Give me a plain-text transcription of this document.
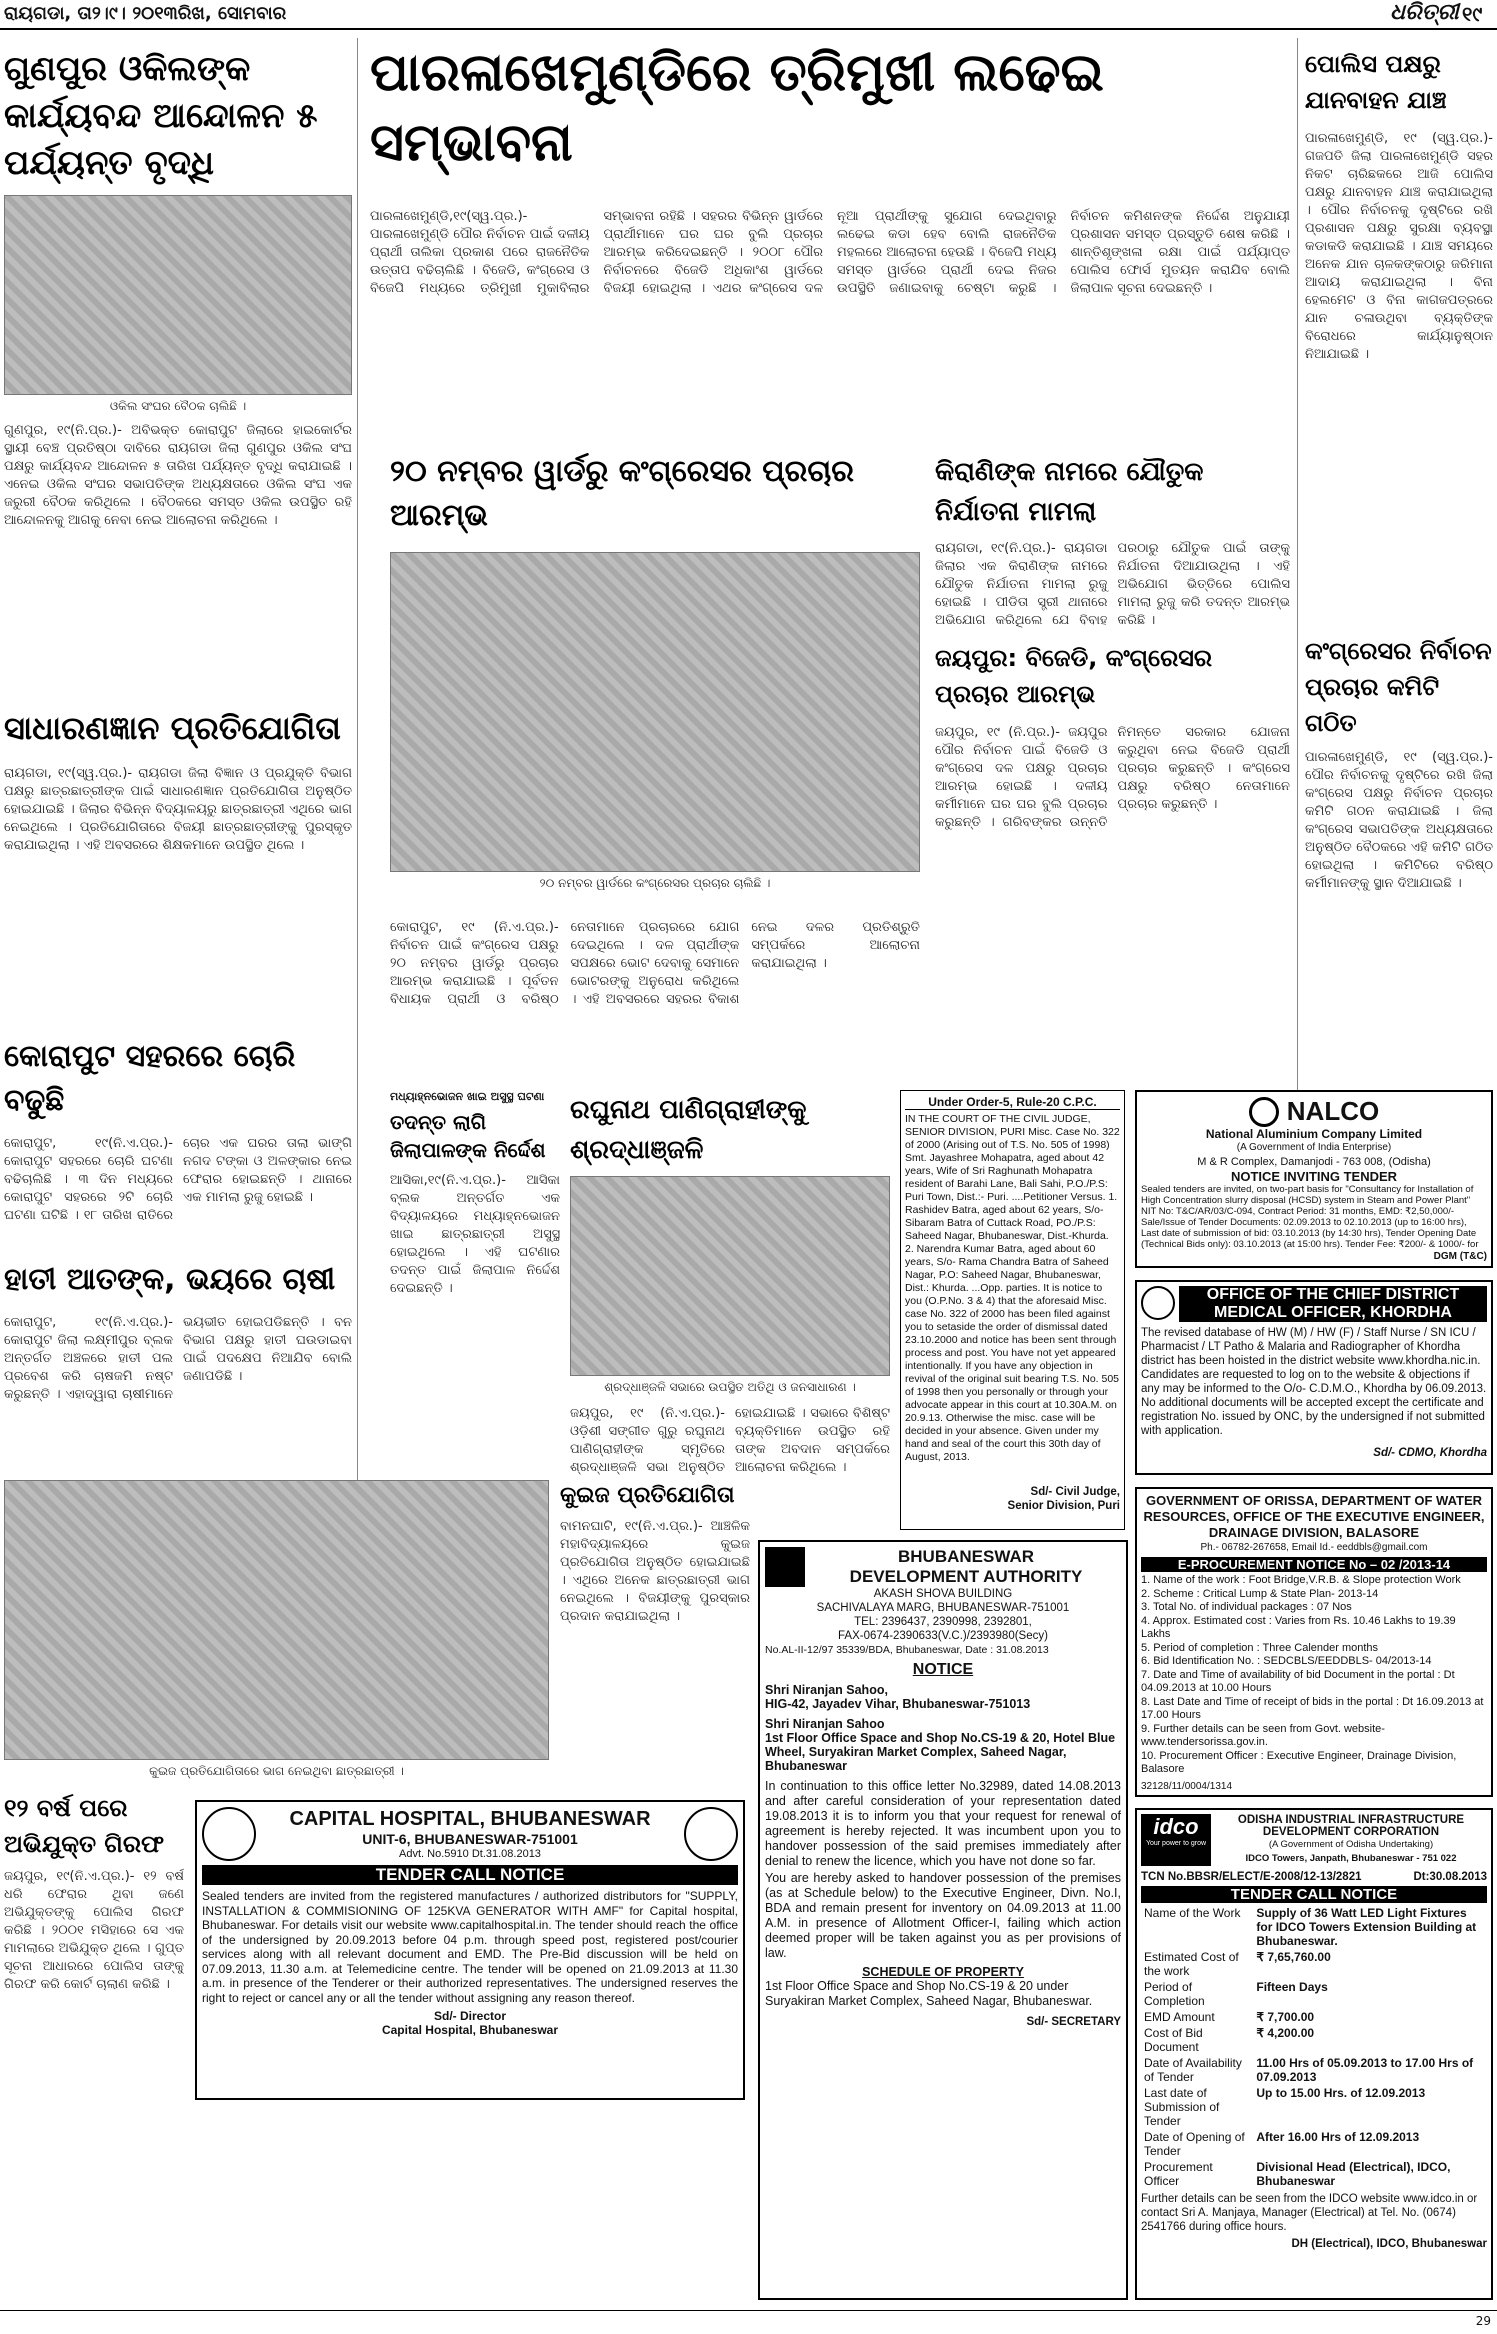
ରାୟଗଡା, ତା୨।୯। ୨୦୧୩ରିଖ, ସୋମବାର	ଧରିତ୍ରୀ ୧୯
ଗୁଣପୁର ଓକିଲଙ୍କ କାର୍ଯ୍ୟବନ୍ଦ ଆନ୍ଦୋଳନ ୫ ପର୍ଯ୍ୟନ୍ତ ବୃଦ୍ଧି
ଓକିଲ ସଂଘର ବୈଠକ ଚାଲିଛି ।
ଗୁଣପୁର, ୧୯(ନି.ପ୍ର.)- ଅବିଭକ୍ତ କୋରାପୁଟ ଜିଲାରେ ହାଇକୋର୍ଟର ସ୍ଥାୟୀ ବେଞ୍ଚ ପ୍ରତିଷ୍ଠା ଦାବିରେ ରାୟଗଡା ଜିଲା ଗୁଣପୁର ଓକିଲ ସଂଘ ପକ୍ଷରୁ କାର୍ଯ୍ୟବନ୍ଦ ଆନ୍ଦୋଳନ ୫ ତାରିଖ ପର୍ଯ୍ୟନ୍ତ ବୃଦ୍ଧି କରାଯାଇଛି । ଏନେଇ ଓକିଲ ସଂଘର ସଭାପତିଙ୍କ ଅଧ୍ୟକ୍ଷତାରେ ଓକିଲ ସଂଘ ଏକ ଜରୁରୀ ବୈଠକ କରିଥିଲେ । ବୈଠକରେ ସମସ୍ତ ଓକିଲ ଉପସ୍ଥିତ ରହି ଆନ୍ଦୋଳନକୁ ଆଗକୁ ନେବା ନେଇ ଆଲୋଚନା କରିଥିଲେ ।
ପାରଳାଖେମୁଣ୍ଡିରେ ତ୍ରିମୁଖୀ ଲଢେଇ ସମ୍ଭାବନା
ପାରଳାଖେମୁଣ୍ଡି,୧୯(ସ୍ୱ.ପ୍ର.)- ପାରଳାଖେମୁଣ୍ଡି ପୌର ନିର୍ବାଚନ ପାଇଁ ଦଳୀୟ ପ୍ରାର୍ଥୀ ତାଲିକା ପ୍ରକାଶ ପରେ ରାଜନୈତିକ ଉତ୍ତାପ ବଢିଚାଲିଛି । ବିଜେଡି, କଂଗ୍ରେସ ଓ ବିଜେପି ମଧ୍ୟରେ ତ୍ରିମୁଖୀ ମୁକାବିଲାର ସମ୍ଭାବନା ରହିଛି । ସହରର ବିଭିନ୍ନ ୱାର୍ଡରେ ପ୍ରାର୍ଥୀମାନେ ଘର ଘର ବୁଲି ପ୍ରଚାର ଆରମ୍ଭ କରିଦେଇଛନ୍ତି । ୨୦୦୮ ପୌର ନିର୍ବାଚନରେ ବିଜେଡି ଅଧିକାଂଶ ୱାର୍ଡରେ ବିଜୟୀ ହୋଇଥିଲା । ଏଥର କଂଗ୍ରେସ ଦଳ ନୂଆ ପ୍ରାର୍ଥୀଙ୍କୁ ସୁଯୋଗ ଦେଇଥିବାରୁ ଲଢେଇ କଡା ହେବ ବୋଲି ରାଜନୈତିକ ମହଲରେ ଆଲୋଚନା ହେଉଛି । ବିଜେପି ମଧ୍ୟ ସମସ୍ତ ୱାର୍ଡରେ ପ୍ରାର୍ଥୀ ଦେଇ ନିଜର ଉପସ୍ଥିତି ଜଣାଇବାକୁ ଚେଷ୍ଟା କରୁଛି । ନିର୍ବାଚନ କମିଶନଙ୍କ ନିର୍ଦ୍ଦେଶ ଅନୁଯାୟୀ ପ୍ରଶାସନ ସମସ୍ତ ପ୍ରସ୍ତୁତି ଶେଷ କରିଛି । ଶାନ୍ତିଶୃଙ୍ଖଳା ରକ୍ଷା ପାଇଁ ପର୍ଯ୍ୟାପ୍ତ ପୋଲିସ ଫୋର୍ସ ମୁତୟନ କରାଯିବ ବୋଲି ଜିଲାପାଳ ସୂଚନା ଦେଇଛନ୍ତି ।
ପୋଲିସ ପକ୍ଷରୁ ଯାନବାହନ ଯାଞ୍ଚ
ପାରଳାଖେମୁଣ୍ଡି, ୧୯ (ସ୍ୱ.ପ୍ର.)- ଗଜପତି ଜିଲା ପାରଳାଖେମୁଣ୍ଡି ସହର ନିକଟ ଚାରିଛକରେ ଆଜି ପୋଲିସ ପକ୍ଷରୁ ଯାନବାହନ ଯାଞ୍ଚ କରାଯାଇଥିଲା । ପୌର ନିର୍ବାଚନକୁ ଦୃଷ୍ଟିରେ ରଖି ପ୍ରଶାସନ ପକ୍ଷରୁ ସୁରକ୍ଷା ବ୍ୟବସ୍ଥା କଡାକଡି କରାଯାଇଛି । ଯାଞ୍ଚ ସମୟରେ ଅନେକ ଯାନ ଚାଳକଙ୍କଠାରୁ ଜରିମାନା ଆଦାୟ କରାଯାଇଥିଲା । ବିନା ହେଲମେଟ ଓ ବିନା କାଗଜପତ୍ରରେ ଯାନ ଚଳାଉଥିବା ବ୍ୟକ୍ତିଙ୍କ ବିରୋଧରେ କାର୍ଯ୍ୟାନୁଷ୍ଠାନ ନିଆଯାଇଛି ।
କଂଗ୍ରେସର ନିର୍ବାଚନ ପ୍ରଚାର କମିଟି ଗଠିତ
ପାରଳାଖେମୁଣ୍ଡି, ୧୯ (ସ୍ୱ.ପ୍ର.)- ପୌର ନିର୍ବାଚନକୁ ଦୃଷ୍ଟିରେ ରଖି ଜିଲା କଂଗ୍ରେସ ପକ୍ଷରୁ ନିର୍ବାଚନ ପ୍ରଚାର କମିଟି ଗଠନ କରାଯାଇଛି । ଜିଲା କଂଗ୍ରେସ ସଭାପତିଙ୍କ ଅଧ୍ୟକ୍ଷତାରେ ଅନୁଷ୍ଠିତ ବୈଠକରେ ଏହି କମିଟି ଗଠିତ ହୋଇଥିଲା । କମିଟିରେ ବରିଷ୍ଠ କର୍ମୀମାନଙ୍କୁ ସ୍ଥାନ ଦିଆଯାଇଛି ।
୨୦ ନମ୍ବର ୱାର୍ଡରୁ କଂଗ୍ରେସର ପ୍ରଚାର ଆରମ୍ଭ
୨୦ ନମ୍ବର ୱାର୍ଡରେ କଂଗ୍ରେସର ପ୍ରଚାର ଚାଲିଛି ।
କୋରାପୁଟ, ୧୯ (ନି.ଏ.ପ୍ର.)- ନିର୍ବାଚନ ପାଇଁ କଂଗ୍ରେସ ପକ୍ଷରୁ ୨୦ ନମ୍ବର ୱାର୍ଡରୁ ପ୍ରଚାର ଆରମ୍ଭ କରାଯାଇଛି । ପୂର୍ବତନ ବିଧାୟକ ପ୍ରାର୍ଥୀ ଓ ବରିଷ୍ଠ ନେତାମାନେ ପ୍ରଚାରରେ ଯୋଗ ଦେଇଥିଲେ । ଦଳ ପ୍ରାର୍ଥୀଙ୍କ ସପକ୍ଷରେ ଭୋଟ ଦେବାକୁ ସେମାନେ ଭୋଟରଙ୍କୁ ଅନୁରୋଧ କରିଥିଲେ । ଏହି ଅବସରରେ ସହରର ବିକାଶ ନେଇ ଦଳର ପ୍ରତିଶ୍ରୁତି ସମ୍ପର୍କରେ ଆଲୋଚନା କରାଯାଇଥିଲା ।
କିରାଣିଙ୍କ ନାମରେ ଯୌତୁକ ନିର୍ଯାତନା ମାମଲା
ରାୟଗଡା, ୧୯(ନି.ପ୍ର.)- ରାୟଗଡା ଜିଲାର ଏକ କିରାଣିଙ୍କ ନାମରେ ଯୌତୁକ ନିର୍ଯାତନା ମାମଲା ରୁଜୁ ହୋଇଛି । ପୀଡିତା ସ୍ତ୍ରୀ ଥାନାରେ ଅଭିଯୋଗ କରିଥିଲେ ଯେ ବିବାହ ପରଠାରୁ ଯୌତୁକ ପାଇଁ ତାଙ୍କୁ ନିର୍ଯାତନା ଦିଆଯାଉଥିଲା । ଏହି ଅଭିଯୋଗ ଭିତ୍ତିରେ ପୋଲିସ ମାମଲା ରୁଜୁ କରି ତଦନ୍ତ ଆରମ୍ଭ କରିଛି ।
ଜୟପୁର: ବିଜେଡି, କଂଗ୍ରେସର ପ୍ରଚାର ଆରମ୍ଭ
ଜୟପୁର, ୧୯ (ନି.ପ୍ର.)- ଜୟପୁର ପୌର ନିର୍ବାଚନ ପାଇଁ ବିଜେଡି ଓ କଂଗ୍ରେସ ଦଳ ପକ୍ଷରୁ ପ୍ରଚାର ଆରମ୍ଭ ହୋଇଛି । ଦଳୀୟ କର୍ମୀମାନେ ଘର ଘର ବୁଲି ପ୍ରଚାର କରୁଛନ୍ତି । ଗରିବଙ୍କର ଉନ୍ନତି ନିମନ୍ତେ ସରକାର ଯୋଜନା କରୁଥିବା ନେଇ ବିଜେଡି ପ୍ରାର୍ଥୀ ପ୍ରଚାର କରୁଛନ୍ତି । କଂଗ୍ରେସ ପକ୍ଷରୁ ବରିଷ୍ଠ ନେତାମାନେ ପ୍ରଚାର କରୁଛନ୍ତି ।
ସାଧାରଣଜ୍ଞାନ ପ୍ରତିଯୋଗିତା
ରାୟଗଡା, ୧୯(ସ୍ୱ.ପ୍ର.)- ରାୟଗଡା ଜିଲା ବିଜ୍ଞାନ ଓ ପ୍ରଯୁକ୍ତି ବିଭାଗ ପକ୍ଷରୁ ଛାତ୍ରଛାତ୍ରୀଙ୍କ ପାଇଁ ସାଧାରଣଜ୍ଞାନ ପ୍ରତିଯୋଗିତା ଅନୁଷ୍ଠିତ ହୋଇଯାଇଛି । ଜିଲାର ବିଭିନ୍ନ ବିଦ୍ୟାଳୟରୁ ଛାତ୍ରଛାତ୍ରୀ ଏଥିରେ ଭାଗ ନେଇଥିଲେ । ପ୍ରତିଯୋଗିତାରେ ବିଜୟୀ ଛାତ୍ରଛାତ୍ରୀଙ୍କୁ ପୁରସ୍କୃତ କରାଯାଇଥିଲା । ଏହି ଅବସରରେ ଶିକ୍ଷକମାନେ ଉପସ୍ଥିତ ଥିଲେ ।
କୋରାପୁଟ ସହରରେ ଚୋରି ବଢୁଛି
କୋରାପୁଟ, ୧୯(ନି.ଏ.ପ୍ର.)- କୋରାପୁଟ ସହରରେ ଚୋରି ଘଟଣା ବଢିଚାଲିଛି । ୩ ଦିନ ମଧ୍ୟରେ କୋରାପୁଟ ସହରରେ ୨ଟି ଚୋରି ଘଟଣା ଘଟିଛି । ୧୮ ତାରିଖ ରାତିରେ ଚୋର ଏକ ଘରର ତାଲା ଭାଙ୍ଗି ନଗଦ ଟଙ୍କା ଓ ଅଳଙ୍କାର ନେଇ ଫେରାର ହୋଇଛନ୍ତି । ଥାନାରେ ଏକ ମାମଲା ରୁଜୁ ହୋଇଛି ।
ହାତୀ ଆତଙ୍କ, ଭୟରେ ଚାଷୀ
କୋରାପୁଟ, ୧୯(ନି.ଏ.ପ୍ର.)- କୋରାପୁଟ ଜିଲା ଲକ୍ଷ୍ମୀପୁର ବ୍ଲକ ଅନ୍ତର୍ଗତ ଅଞ୍ଚଳରେ ହାତୀ ପଲ ପ୍ରବେଶ କରି ଚାଷଜମି ନଷ୍ଟ କରୁଛନ୍ତି । ଏହାଦ୍ୱାରା ଚାଷୀମାନେ ଭୟଭୀତ ହୋଇପଡିଛନ୍ତି । ବନ ବିଭାଗ ପକ୍ଷରୁ ହାତୀ ଘଉଡାଇବା ପାଇଁ ପଦକ୍ଷେପ ନିଆଯିବ ବୋଲି ଜଣାପଡିଛି ।
ମଧ୍ୟାହ୍ନଭୋଜନ ଖାଇ ଅସୁସ୍ଥ ଘଟଣା
ତଦନ୍ତ ଲାଗି ଜିଲାପାଳଙ୍କ ନିର୍ଦ୍ଦେଶ
ଆସିକା,୧୯(ନି.ଏ.ପ୍ର.)- ଆସିକା ବ୍ଲକ ଅନ୍ତର୍ଗତ ଏକ ବିଦ୍ୟାଳୟରେ ମଧ୍ୟାହ୍ନଭୋଜନ ଖାଇ ଛାତ୍ରଛାତ୍ରୀ ଅସୁସ୍ଥ ହୋଇଥିଲେ । ଏହି ଘଟଣାର ତଦନ୍ତ ପାଇଁ ଜିଲାପାଳ ନିର୍ଦ୍ଦେଶ ଦେଇଛନ୍ତି ।
ରଘୁନାଥ ପାଣିଗ୍ରାହୀଙ୍କୁ ଶ୍ରଦ୍ଧାଞ୍ଜଳି
ଶ୍ରଦ୍ଧାଞ୍ଜଳି ସଭାରେ ଉପସ୍ଥିତ ଅତିଥି ଓ ଜନସାଧାରଣ ।
ଜୟପୁର, ୧୯ (ନି.ଏ.ପ୍ର.)- ଓଡ଼ିଶୀ ସଙ୍ଗୀତ ଗୁରୁ ରଘୁନାଥ ପାଣିଗ୍ରାହୀଙ୍କ ସ୍ମୃତିରେ ଶ୍ରଦ୍ଧାଞ୍ଜଳି ସଭା ଅନୁଷ୍ଠିତ ହୋଇଯାଇଛି । ସଭାରେ ବିଶିଷ୍ଟ ବ୍ୟକ୍ତିମାନେ ଉପସ୍ଥିତ ରହି ତାଙ୍କ ଅବଦାନ ସମ୍ପର୍କରେ ଆଲୋଚନା କରିଥିଲେ ।
କୁଇଜ ପ୍ରତିଯୋଗିତାରେ ଭାଗ ନେଇଥିବା ଛାତ୍ରଛାତ୍ରୀ ।
କୁଇଜ ପ୍ରତିଯୋଗିତା
ବାମନଘାଟି, ୧୯(ନି.ଏ.ପ୍ର.)- ଆଞ୍ଚଳିକ ମହାବିଦ୍ୟାଳୟରେ କୁଇଜ ପ୍ରତିଯୋଗିତା ଅନୁଷ୍ଠିତ ହୋଇଯାଇଛି । ଏଥିରେ ଅନେକ ଛାତ୍ରଛାତ୍ରୀ ଭାଗ ନେଇଥିଲେ । ବିଜୟୀଙ୍କୁ ପୁରସ୍କାର ପ୍ରଦାନ କରାଯାଇଥିଲା ।
୧୨ ବର୍ଷ ପରେ ଅଭିଯୁକ୍ତ ଗିରଫ
ଜୟପୁର, ୧୯(ନି.ଏ.ପ୍ର.)- ୧୨ ବର୍ଷ ଧରି ଫେରାର ଥିବା ଜଣେ ଅଭିଯୁକ୍ତଙ୍କୁ ପୋଲିସ ଗିରଫ କରିଛି । ୨୦୦୧ ମସିହାରେ ସେ ଏକ ମାମଲାରେ ଅଭିଯୁକ୍ତ ଥିଲେ । ଗୁପ୍ତ ସୂଚନା ଆଧାରରେ ପୋଲିସ ତାଙ୍କୁ ଗିରଫ କରି କୋର୍ଟ ଚାଲାଣ କରିଛି ।
Under Order-5, Rule-20 C.P.C.
IN THE COURT OF THE CIVIL JUDGE, SENIOR DIVISION, PURI Misc. Case No. 322 of 2000 (Arising out of T.S. No. 505 of 1998) Smt. Jayashree Mohapatra, aged about 42 years, Wife of Sri Raghunath Mohapatra resident of Barahi Lane, Bali Sahi, P.O./P.S: Puri Town, Dist.:- Puri. ....Petitioner Versus. 1. Rashidev Batra, aged about 62 years, S/o- Sibaram Batra of Cuttack Road, PO./P.S: Saheed Nagar, Bhubaneswar, Dist.-Khurda. 2. Narendra Kumar Batra, aged about 60 years, S/o- Rama Chandra Batra of Saheed Nagar, P.O: Saheed Nagar, Bhubaneswar, Dist.: Khurda. ...Opp. parties. It is notice to you (O.P.No. 3 & 4) that the aforesaid Misc. case No. 322 of 2000 has been filed against you to setaside the order of dismissal dated 23.10.2000 and notice has been sent through process and post. You have not yet appeared intentionally. If you have any objection in revival of the original suit bearing T.S. No. 505 of 1998 then you personally or through your advocate appear in this court at 10.30A.M. on 20.9.13. Otherwise the misc. case will be decided in your absence. Given under my hand and seal of the court this 30th day of August, 2013.
Sd/- Civil Judge,
Senior Division, Puri
NALCO
National Aluminium Company Limited
(A Government of India Enterprise)
M & R Complex, Damanjodi - 763 008, (Odisha)
NOTICE INVITING TENDER
Sealed tenders are invited, on two-part basis for "Consultancy for Installation of High Concentration slurry disposal (HCSD) system in Steam and Power Plant" NIT No: T&C/AR/03/C-094, Contract Period: 31 months, EMD: ₹2,50,000/- Sale/Issue of Tender Documents: 02.09.2013 to 02.10.2013 (up to 16:00 hrs), Last date of submission of bid: 03.10.2013 (by 14:30 hrs), Tender Opening Date (Technical Bids only): 03.10.2013 (at 15:00 hrs). Tender Fee: ₹200/- & 1000/- for
DGM (T&C)
OFFICE OF THE CHIEF DISTRICT
MEDICAL OFFICER, KHORDHA
The revised database of HW (M) / HW (F) / Staff Nurse / SN ICU / Pharmacist / LT Patho & Malaria and Radiographer of Khordha district has been hoisted in the district website www.khordha.nic.in. Candidates are requested to log on to the website & objections if any may be informed to the O/o- C.D.M.O., Khordha by 06.09.2013. No additional documents will be accepted except the certificate and registration No. issued by ONC, by the undersigned if not submitted with application.
Sd/- CDMO, Khordha
GOVERNMENT OF ORISSA, DEPARTMENT OF WATER RESOURCES, OFFICE OF THE EXECUTIVE ENGINEER, DRAINAGE DIVISION, BALASORE
Ph.- 06782-267658, Email Id.- eeddbls@gmail.com
E-PROCUREMENT NOTICE No – 02 /2013-14
1. Name of the work : Foot Bridge,V.R.B. & Slope protection Work
2. Scheme : Critical Lump & State Plan- 2013-14
3. Total No. of individual packages : 07 Nos
4. Approx. Estimated cost : Varies from Rs. 10.46 Lakhs to 19.39 Lakhs
5. Period of completion : Three Calender months
6. Bid Identification No. : SEDCBLS/EEDDBLS- 04/2013-14
7. Date and Time of availability of bid Document in the portal : Dt 04.09.2013 at 10.00 Hours
8. Last Date and Time of receipt of bids in the portal : Dt 16.09.2013 at 17.00 Hours
9. Further details can be seen from Govt. website- www.tendersorissa.gov.in.
10. Procurement Officer : Executive Engineer, Drainage Division, Balasore
32128/11/0004/1314
BHUBANESWAR
DEVELOPMENT AUTHORITY
AKASH SHOVA BUILDING
SACHIVALAYA MARG, BHUBANESWAR-751001
TEL: 2396437, 2390998, 2392801,
FAX-0674-2390633(V.C.)/2393980(Secy)
No.AL-II-12/97 35339/BDA, Bhubaneswar, Date : 31.08.2013
NOTICE
Shri Niranjan Sahoo,
HIG-42, Jayadev Vihar, Bhubaneswar-751013
Shri Niranjan Sahoo
1st Floor Office Space and Shop No.CS-19 & 20, Hotel Blue Wheel, Suryakiran Market Complex, Saheed Nagar, Bhubaneswar
In continuation to this office letter No.32989, dated 14.08.2013 and after careful consideration of your representation dated 19.08.2013 it is to inform you that your request for renewal of agreement is hereby rejected. It was incumbent upon you to handover possession of the said premises immediately after denial to renew the licence, which you have not done so far.
You are hereby asked to handover possession of the premises (as at Schedule below) to the Executive Engineer, Divn. No.I, BDA and remain present for inventory on 04.09.2013 at 11.00 A.M. in presence of Allotment Officer-I, failing which action deemed proper will be taken against you as per provisions of law.
SCHEDULE OF PROPERTY
1st Floor Office Space and Shop No.CS-19 & 20 under Suryakiran Market Complex, Saheed Nagar, Bhubaneswar.
Sd/- SECRETARY
idco
Your power to grow
ODISHA INDUSTRIAL INFRASTRUCTURE
DEVELOPMENT CORPORATION
(A Government of Odisha Undertaking)
IDCO Towers, Janpath, Bhubaneswar - 751 022
TCN No.BBSR/ELECT/E-2008/12-13/2821	Dt:30.08.2013
TENDER CALL NOTICE
Name of the Work	Supply of 36 Watt LED Light Fixtures for IDCO Towers Extension Building at Bhubaneswar.
Estimated Cost of the work	₹ 7,65,760.00
Period of Completion	Fifteen Days
EMD Amount	₹ 7,700.00
Cost of Bid Document	₹ 4,200.00
Date of Availability of Tender	11.00 Hrs of 05.09.2013 to 17.00 Hrs of 07.09.2013
Last date of Submission of Tender	Up to 15.00 Hrs. of 12.09.2013
Date of Opening of Tender	After 16.00 Hrs of 12.09.2013
Procurement Officer	Divisional Head (Electrical), IDCO, Bhubaneswar
Further details can be seen from the IDCO website www.idco.in or contact Sri A. Manjaya, Manager (Electrical) at Tel. No. (0674) 2541766 during office hours.
DH (Electrical), IDCO, Bhubaneswar
CAPITAL HOSPITAL, BHUBANESWAR
UNIT-6, BHUBANESWAR-751001
Advt. No.5910 Dt.31.08.2013
TENDER CALL NOTICE
Sealed tenders are invited from the registered manufactures / authorized distributors for "SUPPLY, INSTALLATION & COMMISIONING OF 125KVA GENERATOR WITH AMF" for Capital hospital, Bhubaneswar. For details visit our website www.capitalhospital.in. The tender should reach the office of the undersigned by 20.09.2013 before 04 p.m. through speed post, registered post/courier services along with all relevant document and EMD. The Pre-Bid discussion will be held on 07.09.2013, 11.30 a.m. at Telemedicine centre. The tender will be opened on 21.09.2013 at 11.30 a.m. in presence of the Tenderer or their authorized representatives. The undersigned reserves the right to reject or cancel any or all the tender without assigning any reason thereof.
Sd/- Director
Capital Hospital, Bhubaneswar
29
